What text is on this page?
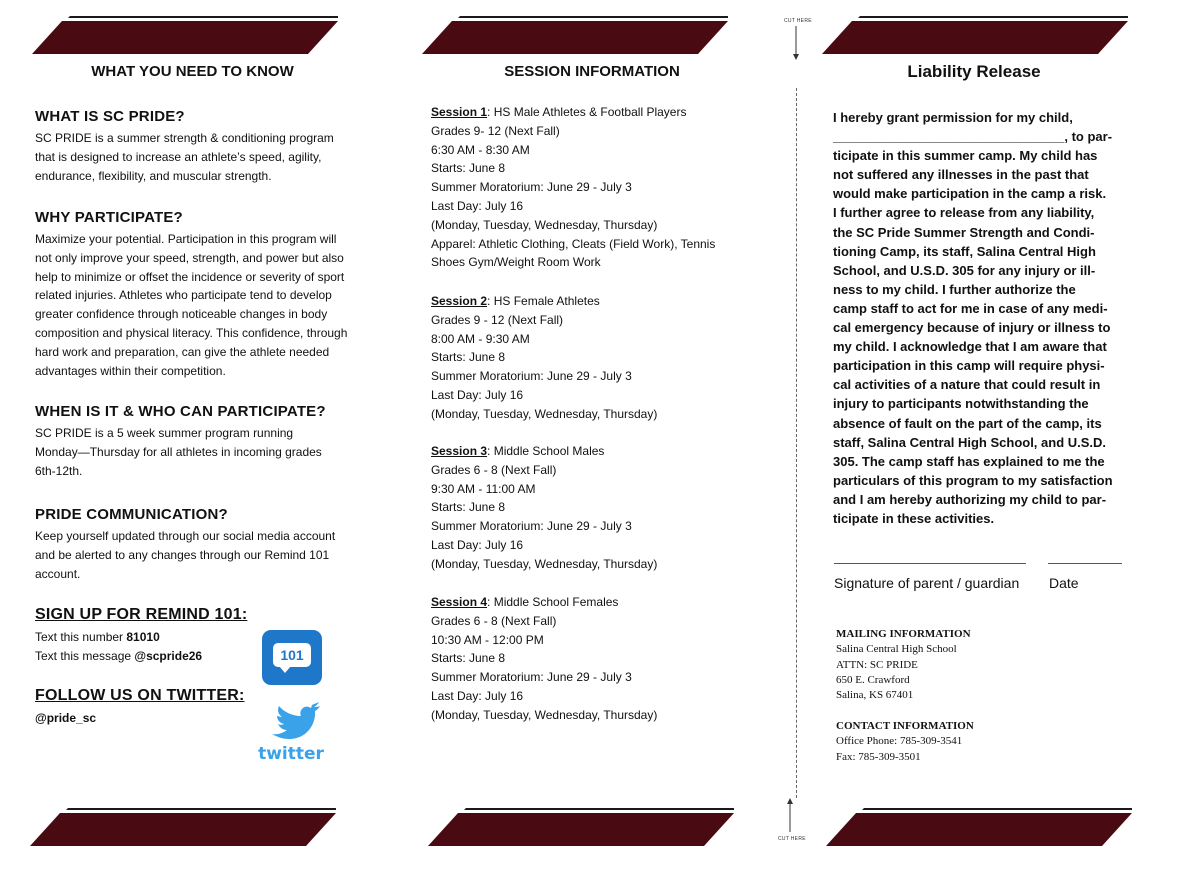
WHAT YOU NEED TO KNOW
WHAT IS SC PRIDE?

SC PRIDE is a summer strength & conditioning program that is designed to increase an athlete’s speed, agility, endurance, flexibility, and muscular strength.

WHY PARTICIPATE?

Maximize your potential. Participation in this program will not only improve your speed, strength, and power but also help to minimize or offset the incidence or severity of sport related injuries. Athletes who participate tend to develop greater confidence through noticeable changes in body composition and physical literacy. This confidence, through hard work and preparation, can give the athlete needed advantages within their competition.

WHEN IS IT & WHO CAN PARTICIPATE?

SC PRIDE is a 5 week summer program running Monday—Thursday for all athletes in incoming grades 6th-12th.

PRIDE COMMUNICATION?

Keep yourself updated through our social media account and be alerted to any changes through our Remind 101 account.

SIGN UP FOR REMIND 101:

Text this number 81010

Text this message @scpride26	101
FOLLOW US ON TWITTER:

@pride_sc

twitter
SESSION INFORMATION
Session 1: HS Male Athletes & Football Players
Grades 9- 12 (Next Fall)
6:30 AM - 8:30 AM
Starts: June 8
Summer Moratorium: June 29 - July 3
Last Day: July 16
(Monday, Tuesday, Wednesday, Thursday)
Apparel: Athletic Clothing, Cleats (Field Work), Tennis
Shoes Gym/Weight Room Work
Session 2: HS Female Athletes
Grades 9 - 12 (Next Fall)
8:00 AM - 9:30 AM
Starts: June 8
Summer Moratorium: June 29 - July 3
Last Day: July 16
(Monday, Tuesday, Wednesday, Thursday)
Session 3: Middle School Males
Grades 6 - 8 (Next Fall)
9:30 AM - 11:00 AM
Starts: June 8
Summer Moratorium: June 29 - July 3
Last Day: July 16
(Monday, Tuesday, Wednesday, Thursday)
Session 4: Middle School Females
Grades 6 - 8 (Next Fall)
10:30 AM - 12:00 PM
Starts: June 8
Summer Moratorium: June 29 - July 3
Last Day: July 16
(Monday, Tuesday, Wednesday, Thursday)
CUT HERE
CUT HERE
Liability Release
I hereby grant permission for my child,
________________________________, to par-
ticipate in this summer camp. My child has
not suffered any illnesses in the past that
would make participation in the camp a risk.
I further agree to release from any liability,
the SC Pride Summer Strength and Condi-
tioning Camp, its staff, Salina Central High
School, and U.S.D. 305 for any injury or ill-
ness to my child. I further authorize the
camp staff to act for me in case of any medi-
cal emergency because of injury or illness to
my child. I acknowledge that I am aware that
participation in this camp will require physi-
cal activities of a nature that could result in
injury to participants notwithstanding the
absence of fault on the part of the camp, its
staff, Salina Central High School, and U.S.D.
305. The camp staff has explained to me the
particulars of this program to my satisfaction
and I am hereby authorizing my child to par-
ticipate in these activities.
Signature of parent / guardian Date
MAILING INFORMATION
Salina Central High School
ATTN: SC PRIDE
650 E. Crawford
Salina, KS 67401
CONTACT INFORMATION
Office Phone: 785-309-3541
Fax: 785-309-3501
